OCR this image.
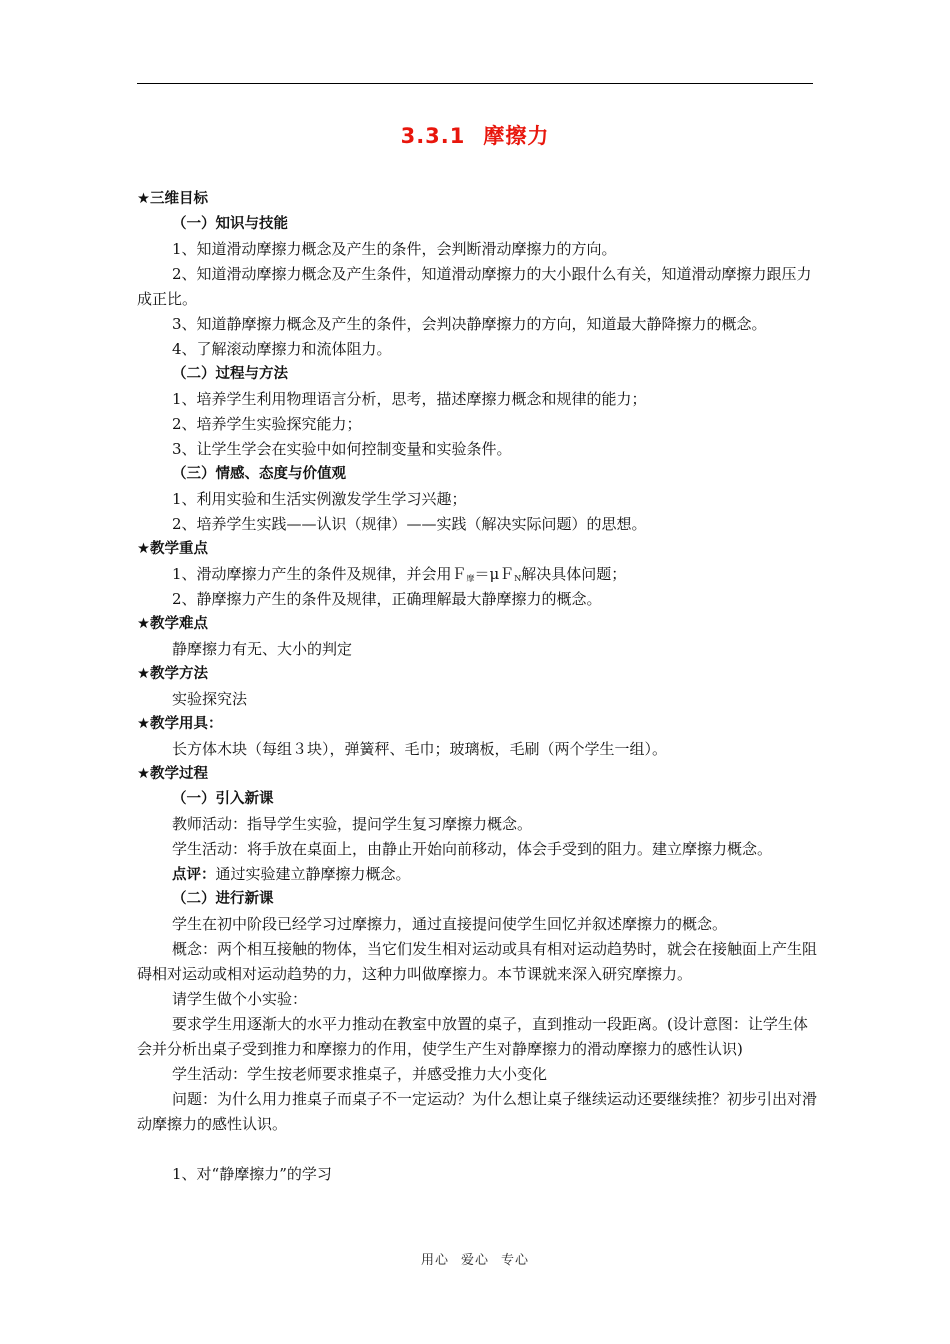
3.3.1 摩擦力
★三维目标
（一）知识与技能
1、知道滑动摩擦力概念及产生的条件，会判断滑动摩擦力的方向。
2、知道滑动摩擦力概念及产生条件，知道滑动摩擦力的大小跟什么有关，知道滑动摩擦力跟压力成正比。
3、知道静摩擦力概念及产生的条件，会判决静摩擦力的方向，知道最大静降擦力的概念。
4、了解滚动摩擦力和流体阻力。
（二）过程与方法
1、培养学生利用物理语言分析，思考，描述摩擦力概念和规律的能力；
2、培养学生实验探究能力；
3、让学生学会在实验中如何控制变量和实验条件。
（三）情感、态度与价值观
1、利用实验和生活实例激发学生学习兴趣；
2、培养学生实践——认识（规律）——实践（解决实际问题）的思想。
★教学重点
1、滑动摩擦力产生的条件及规律，并会用Ｆ$_摩$＝μＦ$_N$解决具体问题；
2、静摩擦力产生的条件及规律，正确理解最大静摩擦力的概念。
★教学难点
静摩擦力有无、大小的判定
★教学方法
实验探究法
★教学用具：
长方体木块（每组３块），弹簧秤、毛巾；玻璃板，毛刷（两个学生一组）。
★教学过程
（一）引入新课
教师活动：指导学生实验，提问学生复习摩擦力概念。
学生活动：将手放在桌面上，由静止开始向前移动，体会手受到的阻力。建立摩擦力概念。
点评：通过实验建立静摩擦力概念。
（二）进行新课
学生在初中阶段已经学习过摩擦力，通过直接提问使学生回忆并叙述摩擦力的概念。
概念：两个相互接触的物体，当它们发生相对运动或具有相对运动趋势时，就会在接触面上产生阻碍相对运动或相对运动趋势的力，这种力叫做摩擦力。本节课就来深入研究摩擦力。
请学生做个小实验：
要求学生用逐渐大的水平力推动在教室中放置的桌子，直到推动一段距离。(设计意图：让学生体会并分析出桌子受到推力和摩擦力的作用，使学生产生对静摩擦力的滑动摩擦力的感性认识)
学生活动：学生按老师要求推桌子，并感受推力大小变化
问题：为什么用力推桌子而桌子不一定运动？为什么想让桌子继续运动还要继续推？初步引出对滑动摩擦力的感性认识。
1、对“静摩擦力”的学习
用心 爱心 专心
